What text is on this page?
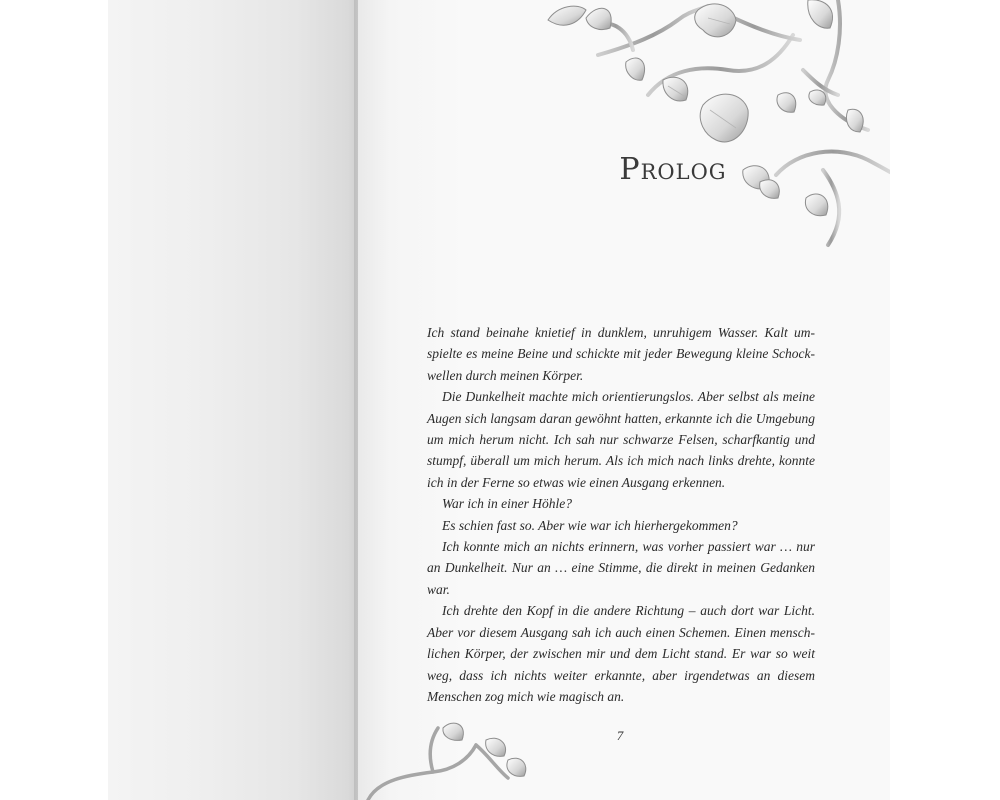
Prolog

Ich stand beinahe knietief in dunklem, unruhigem Wasser. Kalt umspielte es meine Beine und schickte mit jeder Bewegung kleine Schockwellen durch meinen Körper.

Die Dunkelheit machte mich orientierungslos. Aber selbst als meine Augen sich langsam daran gewöhnt hatten, erkannte ich die Umgebung um mich herum nicht. Ich sah nur schwarze Felsen, scharfkantig und stumpf, überall um mich herum. Als ich mich nach links drehte, konnte ich in der Ferne so etwas wie einen Ausgang erkennen.

War ich in einer Höhle?

Es schien fast so. Aber wie war ich hierhergekommen?

Ich konnte mich an nichts erinnern, was vorher passiert war … nur an Dunkelheit. Nur an … eine Stimme, die direkt in meinen Gedanken war.

Ich drehte den Kopf in die andere Richtung – auch dort war Licht. Aber vor diesem Ausgang sah ich auch einen Schemen. Einen menschlichen Körper, der zwischen mir und dem Licht stand. Er war so weit weg, dass ich nichts weiter erkannte, aber irgendetwas an diesem Menschen zog mich wie magisch an.

7
